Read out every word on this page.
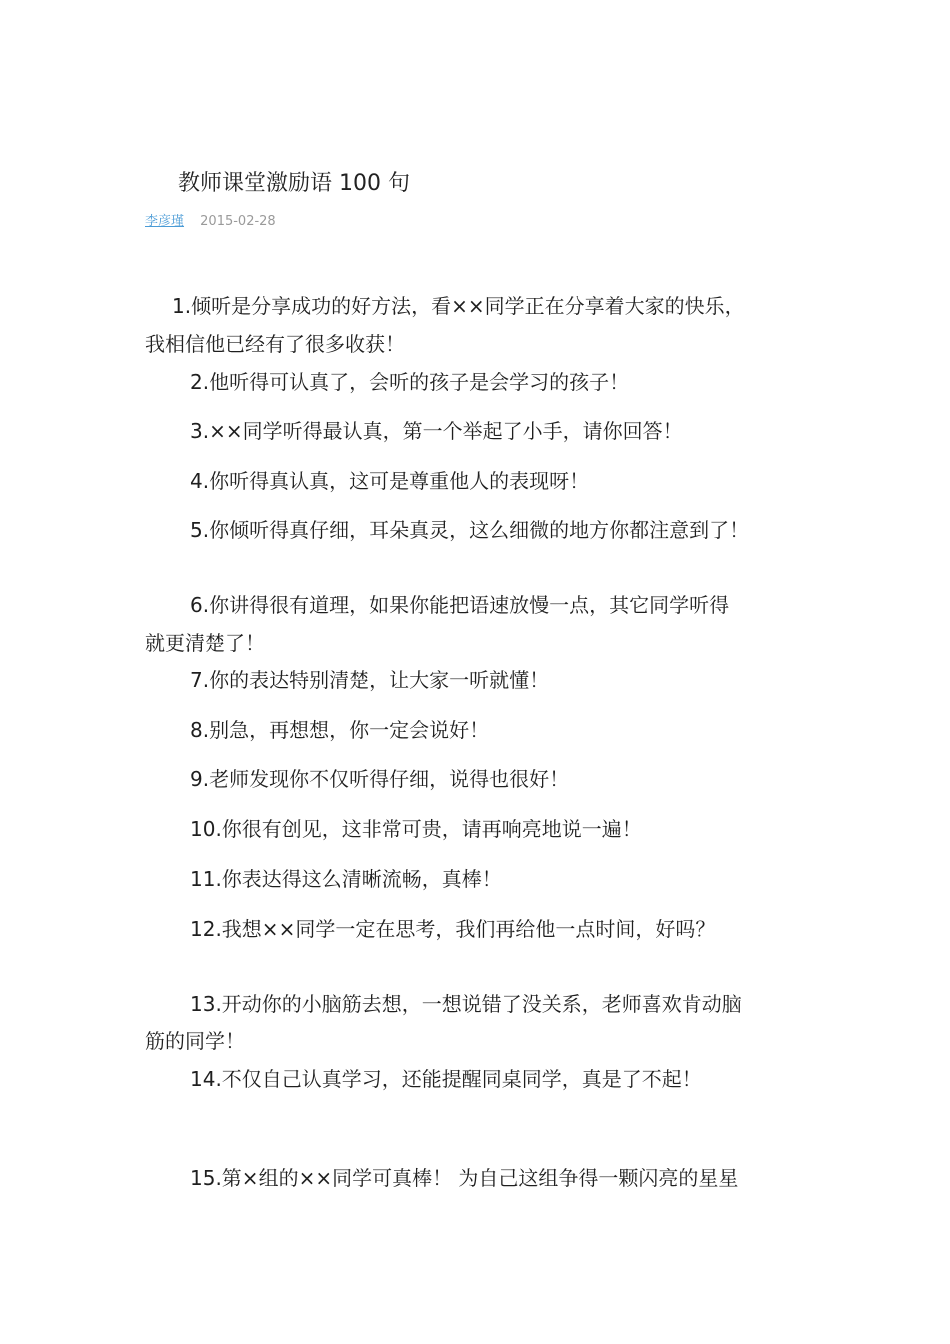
教师课堂激励语 100 句
李彦瑾 2015-02-28
1.倾听是分享成功的好方法，看××同学正在分享着大家的快乐，
我相信他已经有了很多收获！
2.他听得可认真了，会听的孩子是会学习的孩子！
3.××同学听得最认真，第一个举起了小手，请你回答！
4.你听得真认真，这可是尊重他人的表现呀！
5.你倾听得真仔细，耳朵真灵，这么细微的地方你都注意到了！
6.你讲得很有道理，如果你能把语速放慢一点，其它同学听得
就更清楚了！
7.你的表达特别清楚，让大家一听就懂！
8.别急，再想想，你一定会说好！
9.老师发现你不仅听得仔细，说得也很好！
10.你很有创见，这非常可贵，请再响亮地说一遍！
11.你表达得这么清晰流畅，真棒！
12.我想××同学一定在思考，我们再给他一点时间，好吗？
13.开动你的小脑筋去想，一想说错了没关系，老师喜欢肯动脑
筋的同学！
14.不仅自己认真学习，还能提醒同桌同学，真是了不起！
15.第×组的××同学可真棒！ 为自己这组争得一颗闪亮的星星
